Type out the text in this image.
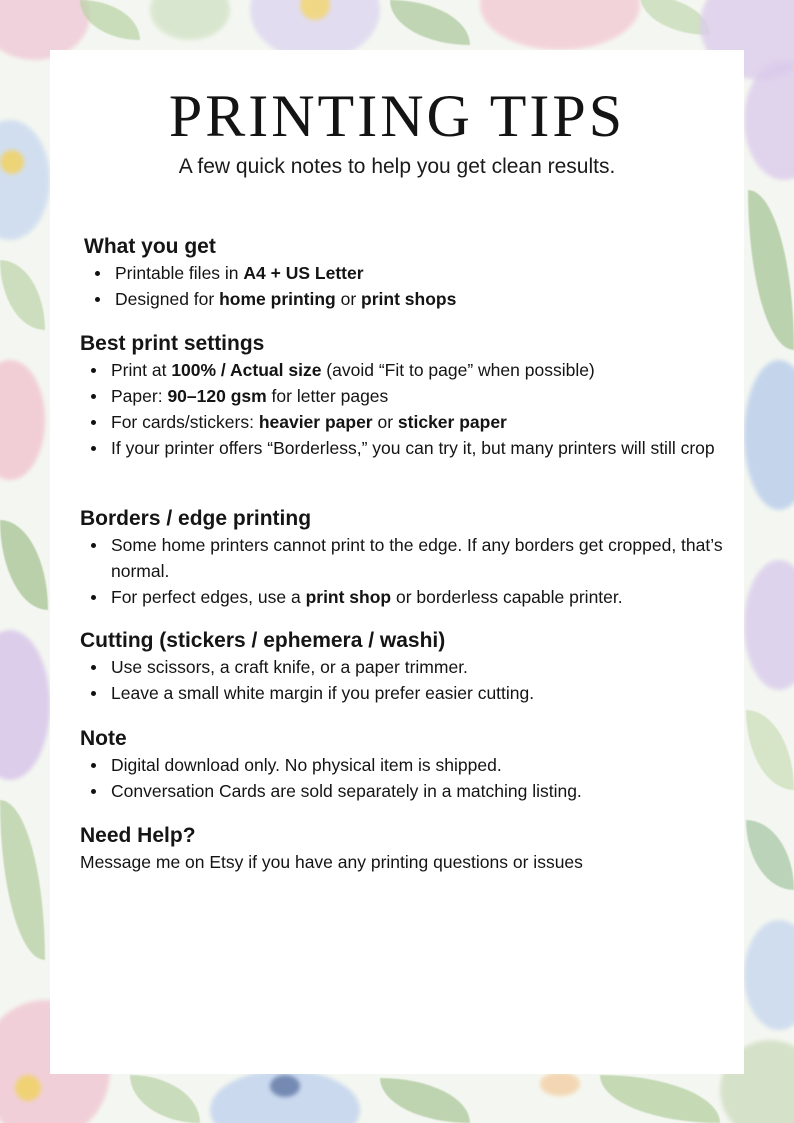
PRINTING TIPS
A few quick notes to help you get clean results.
What you get
Printable files in A4 + US Letter
Designed for home printing or print shops
Best print settings
Print at 100% / Actual size (avoid “Fit to page” when possible)
Paper: 90–120 gsm for letter pages
For cards/stickers: heavier paper or sticker paper
If your printer offers “Borderless,” you can try it, but many printers will still crop
Borders / edge printing
Some home printers cannot print to the edge. If any borders get cropped, that’s normal.
For perfect edges, use a print shop or borderless capable printer.
Cutting (stickers / ephemera / washi)
Use scissors, a craft knife, or a paper trimmer.
Leave a small white margin if you prefer easier cutting.
Note
Digital download only. No physical item is shipped.
Conversation Cards are sold separately in a matching listing.
Need Help?
Message me on Etsy if you have any printing questions or issues
